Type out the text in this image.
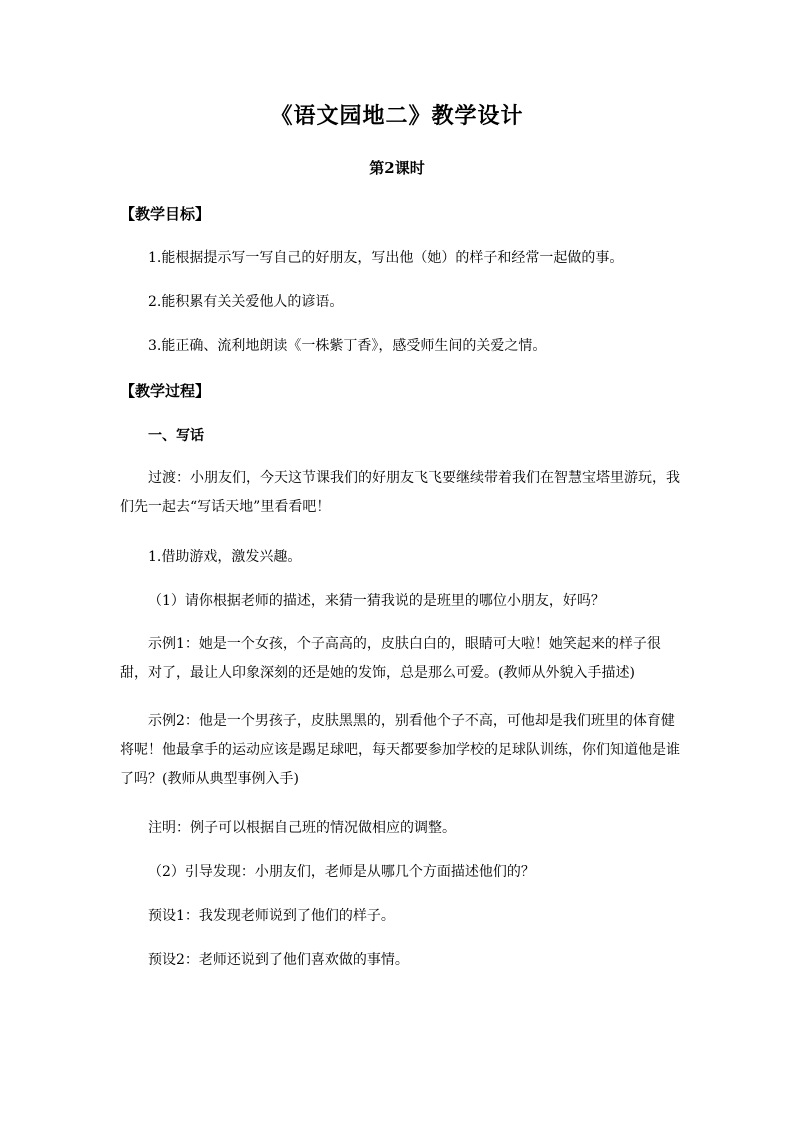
《语文园地二》教学设计
第2课时
【教学目标】
1.能根据提示写一写自己的好朋友，写出他（她）的样子和经常一起做的事。
2.能积累有关关爱他人的谚语。
3.能正确、流利地朗读《一株紫丁香》，感受师生间的关爱之情。
【教学过程】
一、写话
过渡：小朋友们，今天这节课我们的好朋友飞飞要继续带着我们在智慧宝塔里游玩，我们先一起去“写话天地”里看看吧！
1.借助游戏，激发兴趣。
（1）请你根据老师的描述，来猜一猜我说的是班里的哪位小朋友，好吗？
示例1：她是一个女孩，个子高高的，皮肤白白的，眼睛可大啦！她笑起来的样子很甜，对了，最让人印象深刻的还是她的发饰，总是那么可爱。(教师从外貌入手描述)
示例2：他是一个男孩子，皮肤黑黑的，别看他个子不高，可他却是我们班里的体育健将呢！他最拿手的运动应该是踢足球吧，每天都要参加学校的足球队训练，你们知道他是谁了吗？(教师从典型事例入手)
注明：例子可以根据自己班的情况做相应的调整。
（2）引导发现：小朋友们，老师是从哪几个方面描述他们的？
预设1：我发现老师说到了他们的样子。
预设2：老师还说到了他们喜欢做的事情。
